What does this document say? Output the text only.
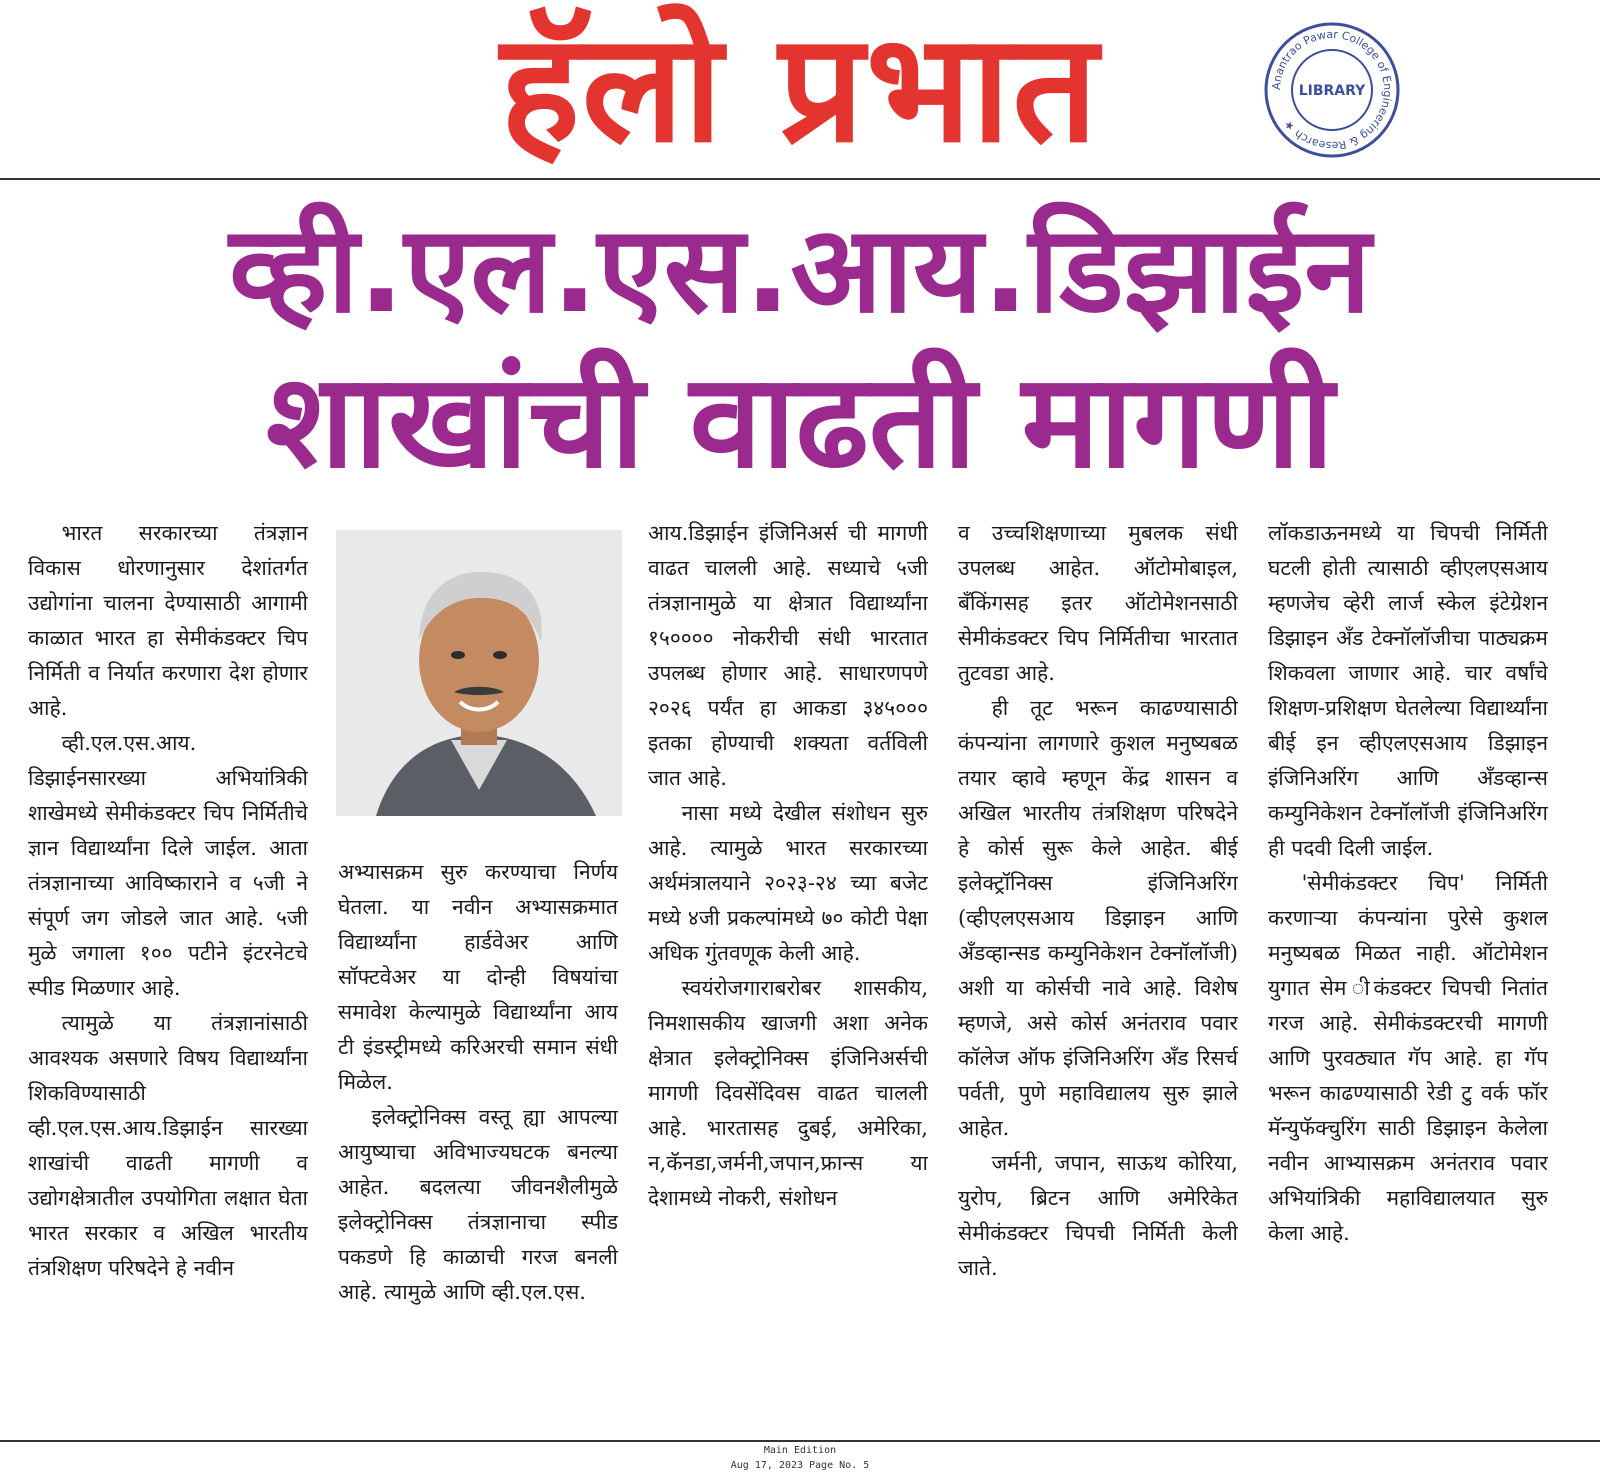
हॅलो प्रभात	Anantrao Pawar College of Engineering & Research ★
LIBRARY
व्ही.एल.एस.आय.डिझाईन
शाखांची वाढती मागणी

भारत सरकारच्या तंत्रज्ञान विकास धोरणानुसार देशांतर्गत उद्योगांना चालना देण्यासाठी आगामी काळात भारत हा सेमीकंडक्टर चिप निर्मिती व निर्यात करणारा देश होणार आहे.

व्ही.एल.एस.आय. डिझाईनसारख्या अभियांत्रिकी शाखेमध्ये सेमीकंडक्टर चिप निर्मितीचे ज्ञान विद्यार्थ्यांना दिले जाईल. आता तंत्रज्ञानाच्या आविष्काराने व ५जी ने संपूर्ण जग जोडले जात आहे. ५जी मुळे जगाला १०० पटीने इंटरनेटचे स्पीड मिळणार आहे.

त्यामुळे या तंत्रज्ञानांसाठी आवश्यक असणारे विषय विद्यार्थ्यांना शिकविण्यासाठी व्ही.एल.एस.आय.डिझाईन सारख्या शाखांची वाढती मागणी व उद्योगक्षेत्रातील उपयोगिता लक्षात घेता भारत सरकार व अखिल भारतीय तंत्रशिक्षण परिषदेने हे नवीन

अभ्यासक्रम सुरु करण्याचा निर्णय घेतला. या नवीन अभ्यासक्रमात विद्यार्थ्यांना हार्डवेअर आणि सॉफ्टवेअर या दोन्ही विषयांचा समावेश केल्यामुळे विद्यार्थ्यांना आय टी इंडस्ट्रीमध्ये करिअरची समान संधी मिळेल.

इलेक्ट्रोनिक्स वस्तू ह्या आपल्या आयुष्याचा अविभाज्यघटक बनल्या आहेत. बदलत्या जीवनशैलीमुळे इलेक्ट्रोनिक्स तंत्रज्ञानाचा स्पीड पकडणे हि काळाची गरज बनली आहे. त्यामुळे आणि व्ही.एल.एस.

आय.डिझाईन इंजिनिअर्स ची मागणी वाढत चालली आहे. सध्याचे ५जी तंत्रज्ञानामुळे या क्षेत्रात विद्यार्थ्यांना १५०००० नोकरीची संधी भारतात उपलब्ध होणार आहे. साधारणपणे २०२६ पर्यंत हा आकडा ३४५००० इतका होण्याची शक्यता वर्तविली जात आहे.

नासा मध्ये देखील संशोधन सुरु आहे. त्यामुळे भारत सरकारच्या अर्थमंत्रालयाने २०२३-२४ च्या बजेट मध्ये ४जी प्रकल्पांमध्ये ७० कोटी पेक्षा अधिक गुंतवणूक केली आहे.

स्वयंरोजगाराबरोबर शासकीय, निमशासकीय खाजगी अशा अनेक क्षेत्रात इलेक्ट्रोनिक्स इंजिनिअर्सची मागणी दिवसेंदिवस वाढत चालली आहे. भारतासह दुबई, अमेरिका, न,कॅनडा,जर्मनी,जपान,फ्रान्स या देशामध्ये नोकरी, संशोधन

व उच्चशिक्षणाच्या मुबलक संधी उपलब्ध आहेत. ऑटोमोबाइल, बँकिंगसह इतर ऑटोमेशनसाठी सेमीकंडक्टर चिप निर्मितीचा भारतात तुटवडा आहे.

ही तूट भरून काढण्यासाठी कंपन्यांना लागणारे कुशल मनुष्यबळ तयार व्हावे म्हणून केंद्र शासन व अखिल भारतीय तंत्रशिक्षण परिषदेने हे कोर्स सुरू केले आहेत. बीई इलेक्ट्रॉनिक्स इंजिनिअरिंग (व्हीएलएसआय डिझाइन आणि अँडव्हान्सड कम्युनिकेशन टेक्नॉलॉजी) अशी या कोर्सची नावे आहे. विशेष म्हणजे, असे कोर्स अनंतराव पवार कॉलेज ऑफ इंजिनिअरिंग अँड रिसर्च पर्वती, पुणे महाविद्यालय सुरु झाले आहेत.

जर्मनी, जपान, साऊथ कोरिया, युरोप, ब्रिटन आणि अमेरिकेत सेमीकंडक्टर चिपची निर्मिती केली जाते.

लॉकडाऊनमध्ये या चिपची निर्मिती घटली होती त्यासाठी व्हीएलएसआय म्हणजेच व्हेरी लार्ज स्केल इंटेग्रेशन डिझाइन अँड टेक्नॉलॉजीचा पाठ्यक्रम शिकवला जाणार आहे. चार वर्षांचे शिक्षण-प्रशिक्षण घेतलेल्या विद्यार्थ्यांना बीई इन व्हीएलएसआय डिझाइन इंजिनिअरिंग आणि अँडव्हान्स कम्युनिकेशन टेक्नॉलॉजी इंजिनिअरिंग ही पदवी दिली जाईल.

'सेमीकंडक्टर चिप' निर्मिती करणाऱ्या कंपन्यांना पुरेसे कुशल मनुष्यबळ मिळत नाही. ऑटोमेशन युगात सेम ीकंडक्टर चिपची नितांत गरज आहे. सेमीकंडक्टरची मागणी आणि पुरवठ्यात गॅप आहे. हा गॅप भरून काढण्यासाठी रेडी टु वर्क फॉर मॅन्युफॅक्चुरिंग साठी डिझाइन केलेला नवीन आभ्यासक्रम अनंतराव पवार अभियांत्रिकी महाविद्यालयात सुरु केला आहे.

Main Edition
Aug 17, 2023 Page No. 5
